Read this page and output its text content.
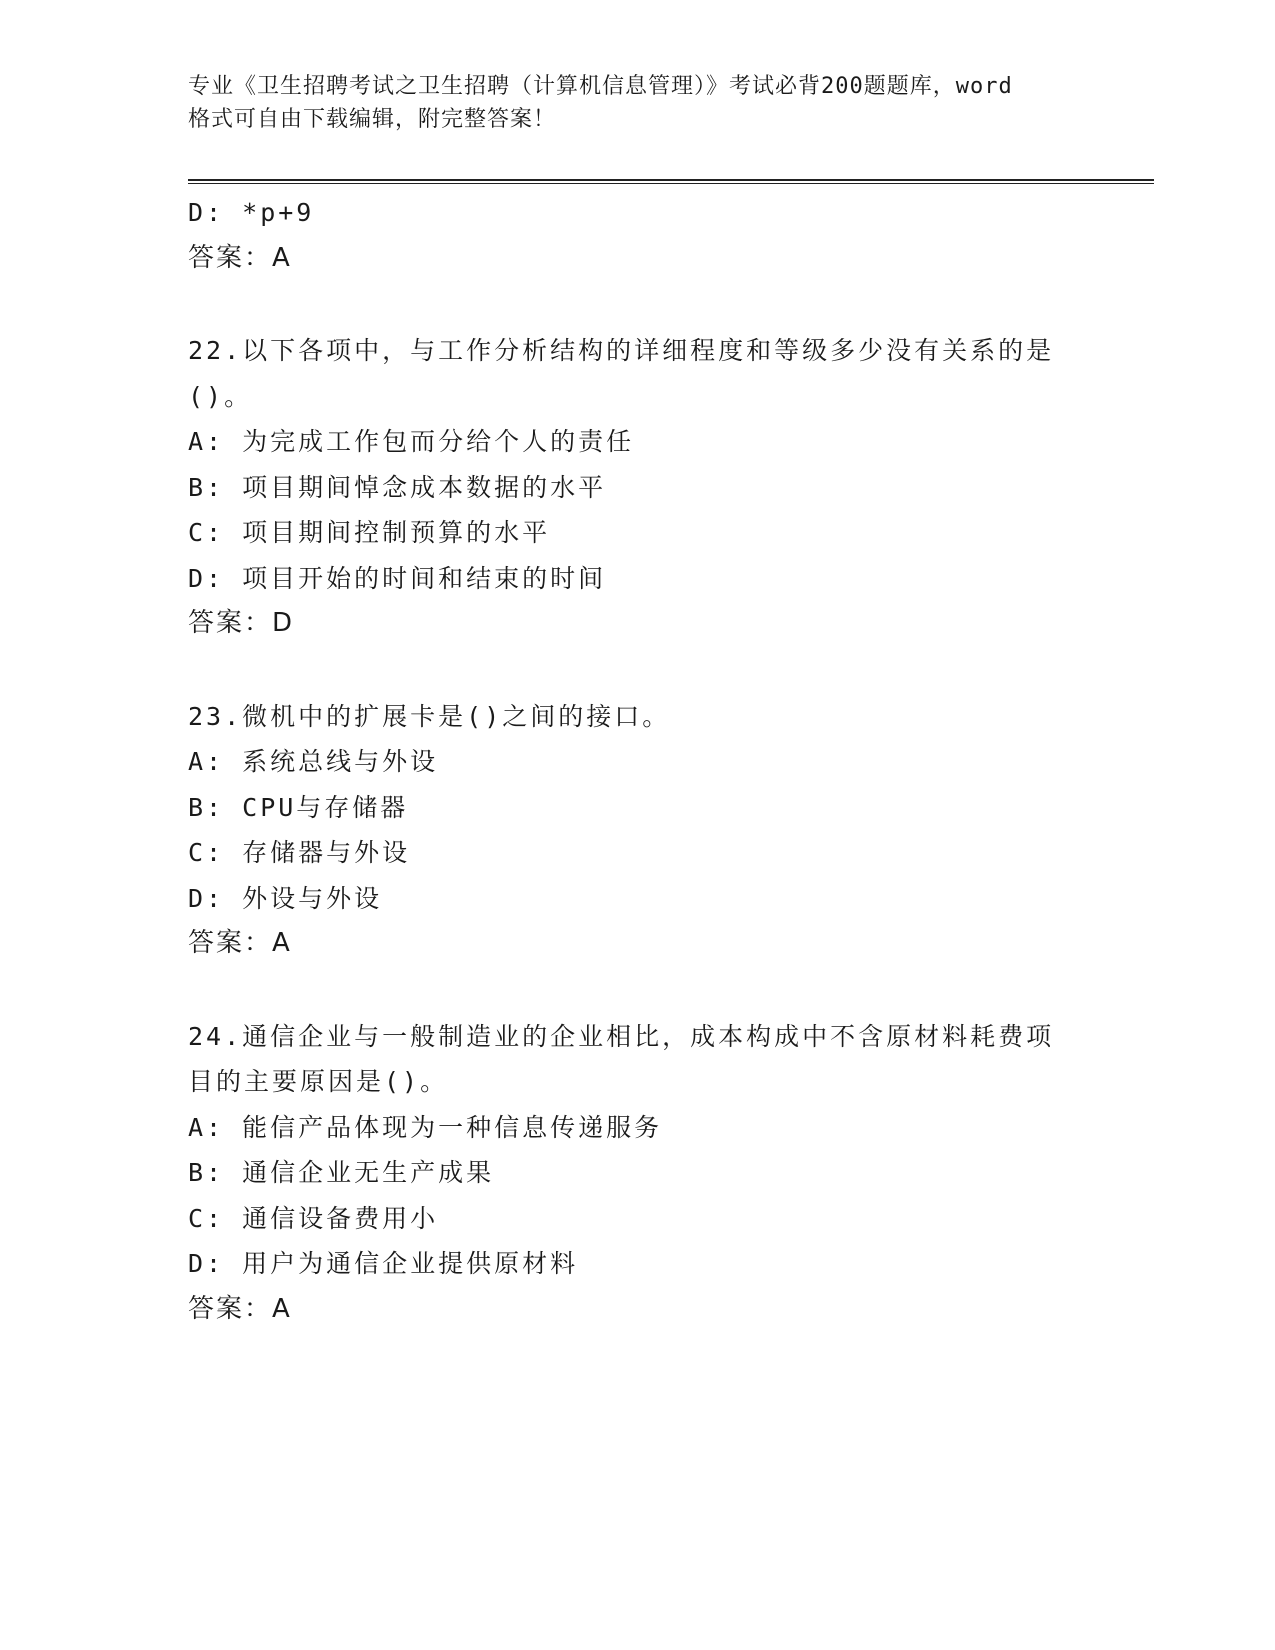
专业《卫生招聘考试之卫生招聘（计算机信息管理）》考试必背200题题库，word
格式可自由下载编辑，附完整答案！
D: *p+9
答案：A
22.以下各项中，与工作分析结构的详细程度和等级多少没有关系的是
()。
A: 为完成工作包而分给个人的责任
B: 项目期间悼念成本数据的水平
C: 项目期间控制预算的水平
D: 项目开始的时间和结束的时间
答案：D
23.微机中的扩展卡是()之间的接口。
A: 系统总线与外设
B: CPU与存储器
C: 存储器与外设
D: 外设与外设
答案：A
24.通信企业与一般制造业的企业相比，成本构成中不含原材料耗费项
目的主要原因是()。
A: 能信产品体现为一种信息传递服务
B: 通信企业无生产成果
C: 通信设备费用小
D: 用户为通信企业提供原材料
答案：A
